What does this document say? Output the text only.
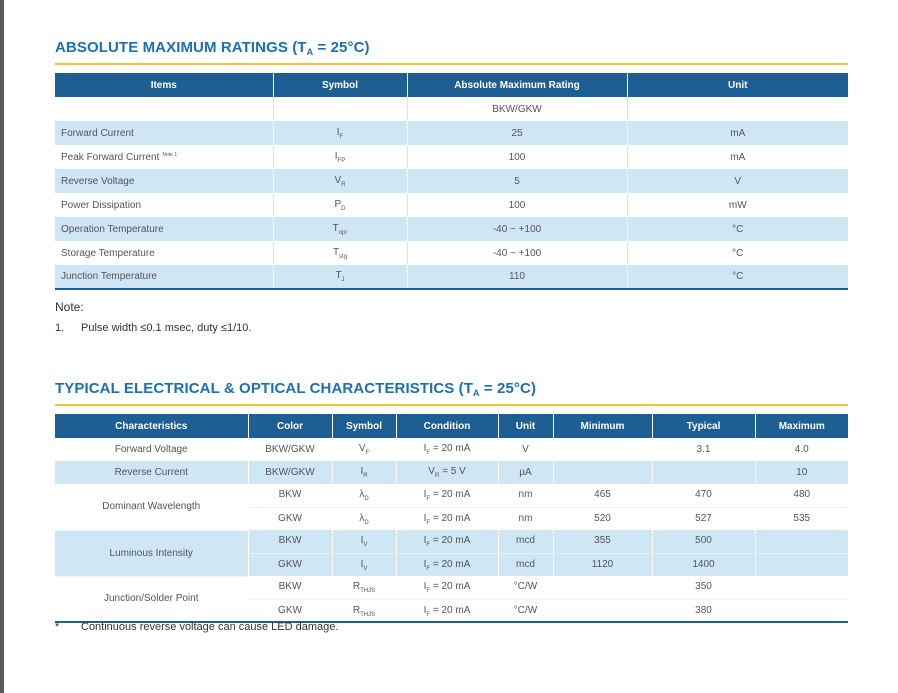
ABSOLUTE MAXIMUM RATINGS $(T_A = 25^\circ C)$
Items	Symbol	Absolute Maximum Rating	Unit
		BKW/GKW	
Forward Current	$I_F$	25	mA
Peak Forward Current $^{Note 1}$	$I_{FP}$	100	mA
Reverse Voltage	$V_R$	5	V
Power Dissipation	$P_D$	100	mW
Operation Temperature	$T_{opr}$	-40 ~ +100	°C
Storage Temperature	$T_{stg}$	-40 ~ +100	°C
Junction Temperature	$T_J$	110	°C
Note:
1. Pulse width ≤0.1 msec, duty ≤1/10.
TYPICAL ELECTRICAL & OPTICAL CHARACTERISTICS $(T_A = 25^\circ C)$
Characteristics	Color	Symbol	Condition	Unit	Minimum	Typical	Maximum
Forward Voltage	BKW/GKW	$V_F$	$I_F = 20$ mA	V		3.1	4.0
Reverse Current	BKW/GKW	$I_R$	$V_R = 5$ V	µA			10
Dominant Wavelength	BKW	$\lambda_D$	$I_F = 20$ mA	nm	465	470	480
	GKW	$\lambda_D$	$I_F = 20$ mA	nm	520	527	535
Luminous Intensity	BKW	$I_V$	$I_F = 20$ mA	mcd	355	500	
	GKW	$I_V$	$I_F = 20$ mA	mcd	1120	1400	
Junction/Solder Point	BKW	$R_{THJS}$	$I_F = 20$ mA	°C/W		350	
	GKW	$R_{THJS}$	$I_F = 20$ mA	°C/W		380	
* Continuous reverse voltage can cause LED damage.
